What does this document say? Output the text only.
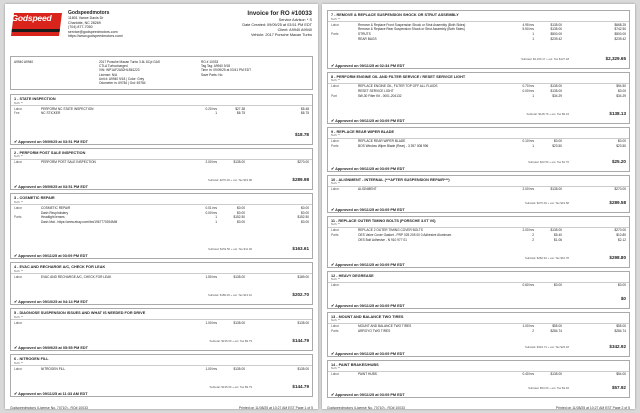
Godspeed	Godspeedmotors
11801 Vance Davis Dr
Charlotte, NC 28269
(704) 877-7050
service@godspeedmotors.com
https://www.godspeedmotors.com/
Invoice for RO #10033
Service Advisor: * S
Date Created: 09/09/25 at 03:51 PM EDT
Client: A9940 A9940
Vehicle: 2017 Porsche Macan Turbo
A9940 A9940	2017 Porsche Macan Turbo 3.6L 6Cyl GAS
CTLA Turbocharged
VIN: WP1AF2A52HLB61223
License: N/A
Unit #: A9940 9/18 | Color: Grey
Odometer in: 69784 | Out: 69784
RO # 10033
Tag Tag: A9940 9/18
Time In: 09/09/25 at 03:51 PM EDT
Save Parts: No
1 - STATE INSPECTION
Tech: **
Labor	PERFORM NC STATE INSPECTION	0.20 hrs	$27.38	$5.48
Fee	NC STICKER	1	$6.75	$6.75
$18.78
✔ Approved on 09/09/25 at 03:51 PM EDT
2 - PERFORM POST SALE INSPECTION
Tech: **
Labor	PERFORM POST SALE INSPECTION	2.00 hrs	$135.00	$270.00
Subtotal: $270.00 + est. Tax $19.98	$289.98
✔ Approved on 09/09/25 at 03:51 PM EDT
3 - COSMETIC REPAIR
Tech: **
Labor	COSMETIC REPAIR	0.01 hrs	$0.00	$0.00
Dash Reupholstery	0.00 hrs	$0.00	$0.00
Parts	Headlight lenses	1	$152.50	$152.50
Dash Mat - https://www.ebay.com/itm/1967770394MM	1	$0.00	$0.00
Subtotal: $152.50 + est. Tax $11.06	$163.61
✔ Approved on 09/11/25 at 03:09 PM EDT
4 - EVAC AND RECHARGE A/C, CHECK FOR LEAK
Tech: **
Labor	EVAC AND RECHARGE A/C, CHECK FOR LEAK	1.50 hrs	$135.00	$189.00
Subtotal: $189.00 + est. Tax $13.10	$202.70
✔ Approved on 09/10/25 at 04:14 PM EDT
5 - DIAGNOSE SUSPENSION ISSUES AND WHAT IS NEEDED FOR DRIVE
Tech: **
Labor	1.00 hrs	$135.00	$135.00
Subtotal: $135.00 + est. Tax $9.79	$144.79
✔ Approved on 09/09/25 at 05:55 PM EDT
6 - NITROGEN FILL
Tech: **
Labor	NITROGEN FILL	1.00 hrs	$135.00	$135.00
Subtotal: $135.00 + est. Tax $9.79	$144.79
✔ Approved on 09/11/25 at 11:33 AM EDT
Godspeedmotors (License No. 70710) - RO# 10033	Printed on 11/08/25 at 10:27 AM EST Page 1 of 5
7 - REMOVE & REPLACE SUSPENSION SHOCK OR STRUT ASSEMBLY
Tech: **
Labor	Remove & Replace Front Suspension Shock or Strut Assembly (Both Sides)	4.95 hrs	$135.00	$668.25
Remove & Replace Rear Suspension Shock or Strut Assembly (Both Sides)	5.50 hrs	$135.00	$742.50
Parts	STRUTS	1	$500.00	$500.00
REAR BAGS	1	$239.42	$239.42
Subtotal: $2,150.17 + est. Tax $127.48	$2,329.65
✔ Approved on 09/11/25 at 02:34 PM EDT
8 - PERFORM ENGINE OIL AND FILTER SERVICE / RESET SERVICE LIGHT
Tech: **
Labor	REPLACE ENGINE OIL, FILTER TOP OFF ALL FLUIDS	0.70 hrs	$135.00	$94.50
RESET SERVICE LIGHT	0.00 hrs	$135.00	$0.00
Part	5W-30 Filter Kit - 0001-204132	1	$34.29	$34.29
Subtotal: $128.79 + est. Tax $9.34	$138.13
✔ Approved on 09/11/25 at 03:09 PM EDT
9 - REPLACE REAR WIPER BLADE
Tech: **
Labor	REPLACE REAR WIPER BLADE	0.10 hrs	$0.00	$0.00
Parts	BOS Window Wiper Blade (Rear) - 3 397 008 996	1	$23.50	$23.50
Subtotal: $23.50 + est. Tax $1.70	$25.20
✔ Approved on 09/11/25 at 03:09 PM EDT
10 - ALIGNMENT - INTERNAL (***AFTER SUSPENSION REPAIR***)
Tech: **
Labor	ALIGNMENT	2.00 hrs	$135.00	$270.00
Subtotal: $270.00 + est. Tax $19.58	$289.58
✔ Approved on 09/11/25 at 03:09 PM EDT
11 - REPLACE OUTER TIMING BOLTS (PORSCHE 3.0T V6)
Tech: **
Labor	REPLACE 2 OUTER TIMING COVER BOLTS	2.00 hrs	$135.00	$270.00
Parts	OES Valve Cover Gasket - PRP 025 205 00 0 Adhesive Aluminum	2	$5.40	$10.80
OES Bolt Adhesive - N 910 977 01	2	$1.06	$2.12
Subtotal: $282.92 + est. Tax $16.78	$298.80
✔ Approved on 09/11/25 at 03:09 PM EDT
12 - HEAVY DEGREASE
Tech: **
Labor	0.60 hrs	$0.00	$0.00
$0
✔ Approved on 09/11/25 at 03:09 PM EDT
13 - MOUNT AND BALANCE TWO TIRES
Tech: **
Labor	MOUNT AND BALANCE TWO TIRES	1.00 hrs	$55.00	$55.00
Parts	ARROYO TWO TIRES	2	$284.74	$284.74
Subtotal: $319.74 + est. Tax $23.18	$342.92
✔ Approved on 09/11/25 at 03:09 PM EDT
14 - PAINT BRAKES/HUBS
Tech: **
Labor	PAINT HUBS	0.40 hrs	$135.00	$54.00
Subtotal: $54.00 + est. Tax $3.92	$57.92
✔ Approved on 09/11/25 at 03:09 PM EDT
Godspeedmotors (License No. 70710) - RO# 10033	Printed on 11/08/25 at 10:27 AM EST Page 2 of 5
